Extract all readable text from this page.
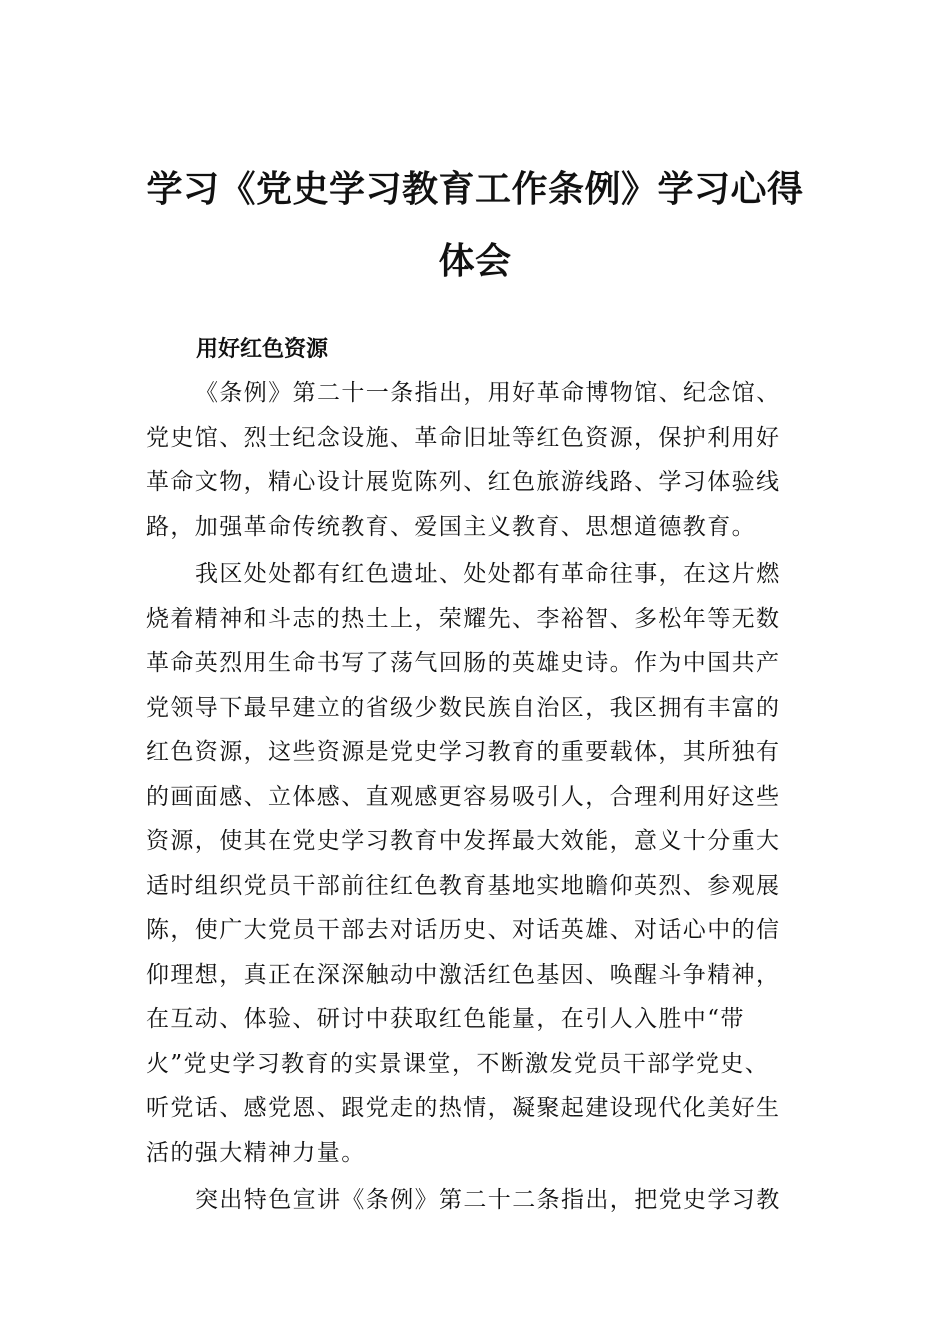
学习《党史学习教育工作条例》学习心得
体会
用好红色资源

《条例》第二十一条指出，用好革命博物馆、纪念馆、
党史馆、烈士纪念设施、革命旧址等红色资源，保护利用好
革命文物，精心设计展览陈列、红色旅游线路、学习体验线
路，加强革命传统教育、爱国主义教育、思想道德教育。

我区处处都有红色遗址、处处都有革命往事，在这片燃
烧着精神和斗志的热土上，荣耀先、李裕智、多松年等无数
革命英烈用生命书写了荡气回肠的英雄史诗。作为中国共产
党领导下最早建立的省级少数民族自治区，我区拥有丰富的
红色资源，这些资源是党史学习教育的重要载体，其所独有
的画面感、立体感、直观感更容易吸引人，合理利用好这些
资源，使其在党史学习教育中发挥最大效能，意义十分重大
适时组织党员干部前往红色教育基地实地瞻仰英烈、参观展
陈，使广大党员干部去对话历史、对话英雄、对话心中的信
仰理想，真正在深深触动中激活红色基因、唤醒斗争精神，
在互动、体验、研讨中获取红色能量，在引人入胜中“带
火”党史学习教育的实景课堂，不断激发党员干部学党史、
听党话、感党恩、跟党走的热情，凝聚起建设现代化美好生
活的强大精神力量。

突出特色宣讲《条例》第二十二条指出，把党史学习教
